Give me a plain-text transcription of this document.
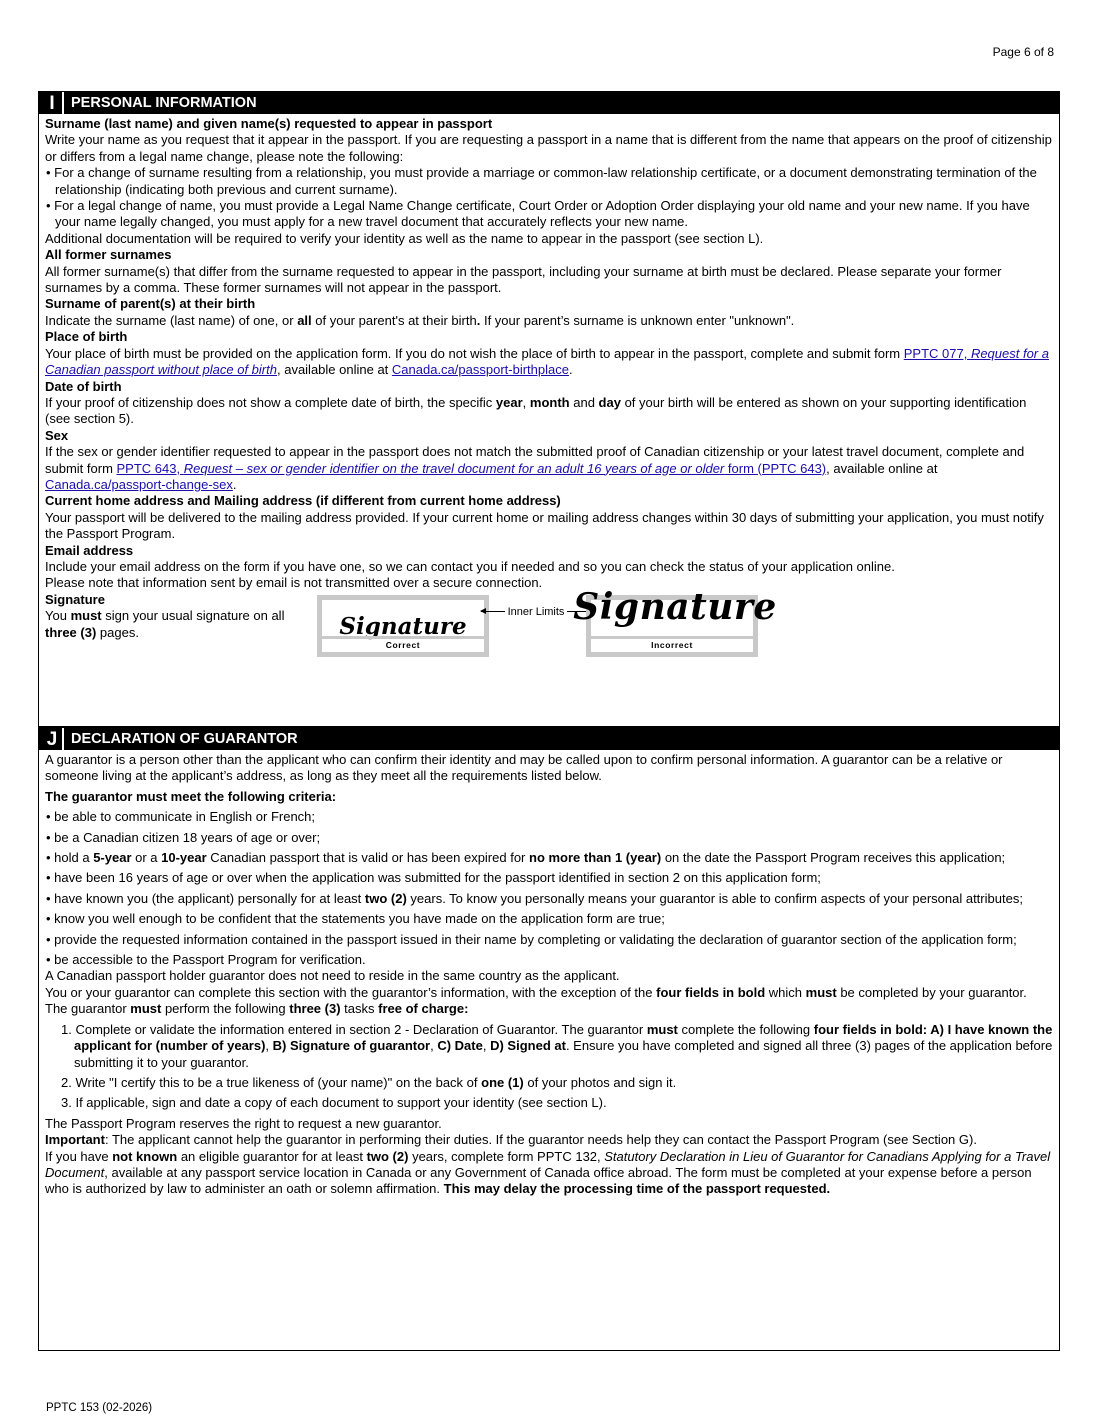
Page 6 of 8
I	PERSONAL INFORMATION

Surname (last name) and given name(s) requested to appear in passport

Write your name as you request that it appear in the passport. If you are requesting a passport in a name that is different from the name that appears on the proof of citizenship or differs from a legal name change, please note the following:

• For a change of surname resulting from a relationship, you must provide a marriage or common-law relationship certificate, or a document demonstrating termination of the relationship (indicating both previous and current surname).

• For a legal change of name, you must provide a Legal Name Change certificate, Court Order or Adoption Order displaying your old name and your new name. If you have your name legally changed, you must apply for a new travel document that accurately reflects your new name.

Additional documentation will be required to verify your identity as well as the name to appear in the passport (see section L).

All former surnames

All former surname(s) that differ from the surname requested to appear in the passport, including your surname at birth must be declared. Please separate your former surnames by a comma. These former surnames will not appear in the passport.

Surname of parent(s) at their birth

Indicate the surname (last name) of one, or all of your parent's at their birth. If your parent’s surname is unknown enter "unknown".

Place of birth

Your place of birth must be provided on the application form. If you do not wish the place of birth to appear in the passport, complete and submit form PPTC 077, Request for a Canadian passport without place of birth, available online at Canada.ca/passport-birthplace.

Date of birth

If your proof of citizenship does not show a complete date of birth, the specific year, month and day of your birth will be entered as shown on your supporting identification (see section 5).

Sex

If the sex or gender identifier requested to appear in the passport does not match the submitted proof of Canadian citizenship or your latest travel document, complete and submit form PPTC 643, Request – sex or gender identifier on the travel document for an adult 16 years of age or older form (PPTC 643), available online at Canada.ca/passport-change-sex.

Current home address and Mailing address (if different from current home address)

Your passport will be delivered to the mailing address provided. If your current home or mailing address changes within 30 days of submitting your application, you must notify the Passport Program.

Email address

Include your email address on the form if you have one, so we can contact you if needed and so you can check the status of your application online.

Please note that information sent by email is not transmitted over a secure connection.

Signature

You must sign your usual signature on all three (3) pages.	Signature
Correct
Inner Limits Signature
Incorrect
J DECLARATION OF GUARANTOR

A guarantor is a person other than the applicant who can confirm their identity and may be called upon to confirm personal information. A guarantor can be a relative or someone living at the applicant’s address, as long as they meet all the requirements listed below.

The guarantor must meet the following criteria:

• be able to communicate in English or French;

• be a Canadian citizen 18 years of age or over;

• hold a 5-year or a 10-year Canadian passport that is valid or has been expired for no more than 1 (year) on the date the Passport Program receives this application;

• have been 16 years of age or over when the application was submitted for the passport identified in section 2 on this application form;

• have known you (the applicant) personally for at least two (2) years. To know you personally means your guarantor is able to confirm aspects of your personal attributes;

• know you well enough to be confident that the statements you have made on the application form are true;

• provide the requested information contained in the passport issued in their name by completing or validating the declaration of guarantor section of the application form;

• be accessible to the Passport Program for verification.

A Canadian passport holder guarantor does not need to reside in the same country as the applicant.

You or your guarantor can complete this section with the guarantor’s information, with the exception of the four fields in bold which must be completed by your guarantor.

The guarantor must perform the following three (3) tasks free of charge:

1. Complete or validate the information entered in section 2 - Declaration of Guarantor. The guarantor must complete the following four fields in bold: A) I have known the applicant for (number of years), B) Signature of guarantor, C) Date, D) Signed at. Ensure you have completed and signed all three (3) pages of the application before submitting it to your guarantor.

2. Write "I certify this to be a true likeness of (your name)" on the back of one (1) of your photos and sign it.

3. If applicable, sign and date a copy of each document to support your identity (see section L).

The Passport Program reserves the right to request a new guarantor.

Important: The applicant cannot help the guarantor in performing their duties. If the guarantor needs help they can contact the Passport Program (see Section G).

If you have not known an eligible guarantor for at least two (2) years, complete form PPTC 132, Statutory Declaration in Lieu of Guarantor for Canadians Applying for a Travel Document, available at any passport service location in Canada or any Government of Canada office abroad. The form must be completed at your expense before a person who is authorized by law to administer an oath or solemn affirmation. This may delay the processing time of the passport requested.

PPTC 153 (02-2026)
